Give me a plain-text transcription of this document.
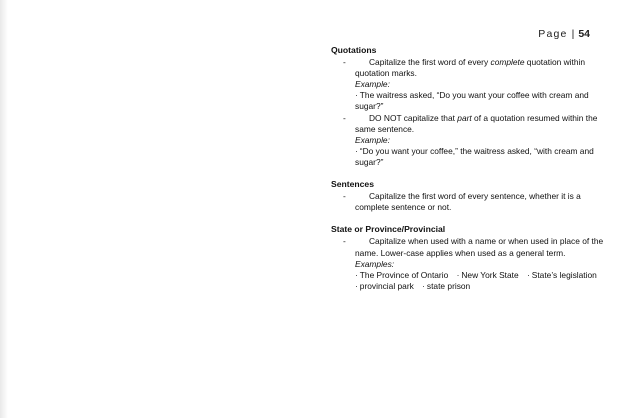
Page | 54
Quotations
-	Capitalize the first word of every complete quotation within quotation marks.
Example:
· The waitress asked, “Do you want your coffee with cream and sugar?”
-	DO NOT capitalize that part of a quotation resumed within the same sentence.
Example:
· “Do you want your coffee,” the waitress asked, “with cream and sugar?”
Sentences
-	Capitalize the first word of every sentence, whether it is a complete sentence or not.
State or Province/Provincial
-	Capitalize when used with a name or when used in place of the name. Lower-case applies when used as a general term.
Examples:
· The Province of Ontario · New York State · State’s legislation
· provincial park · state prison
